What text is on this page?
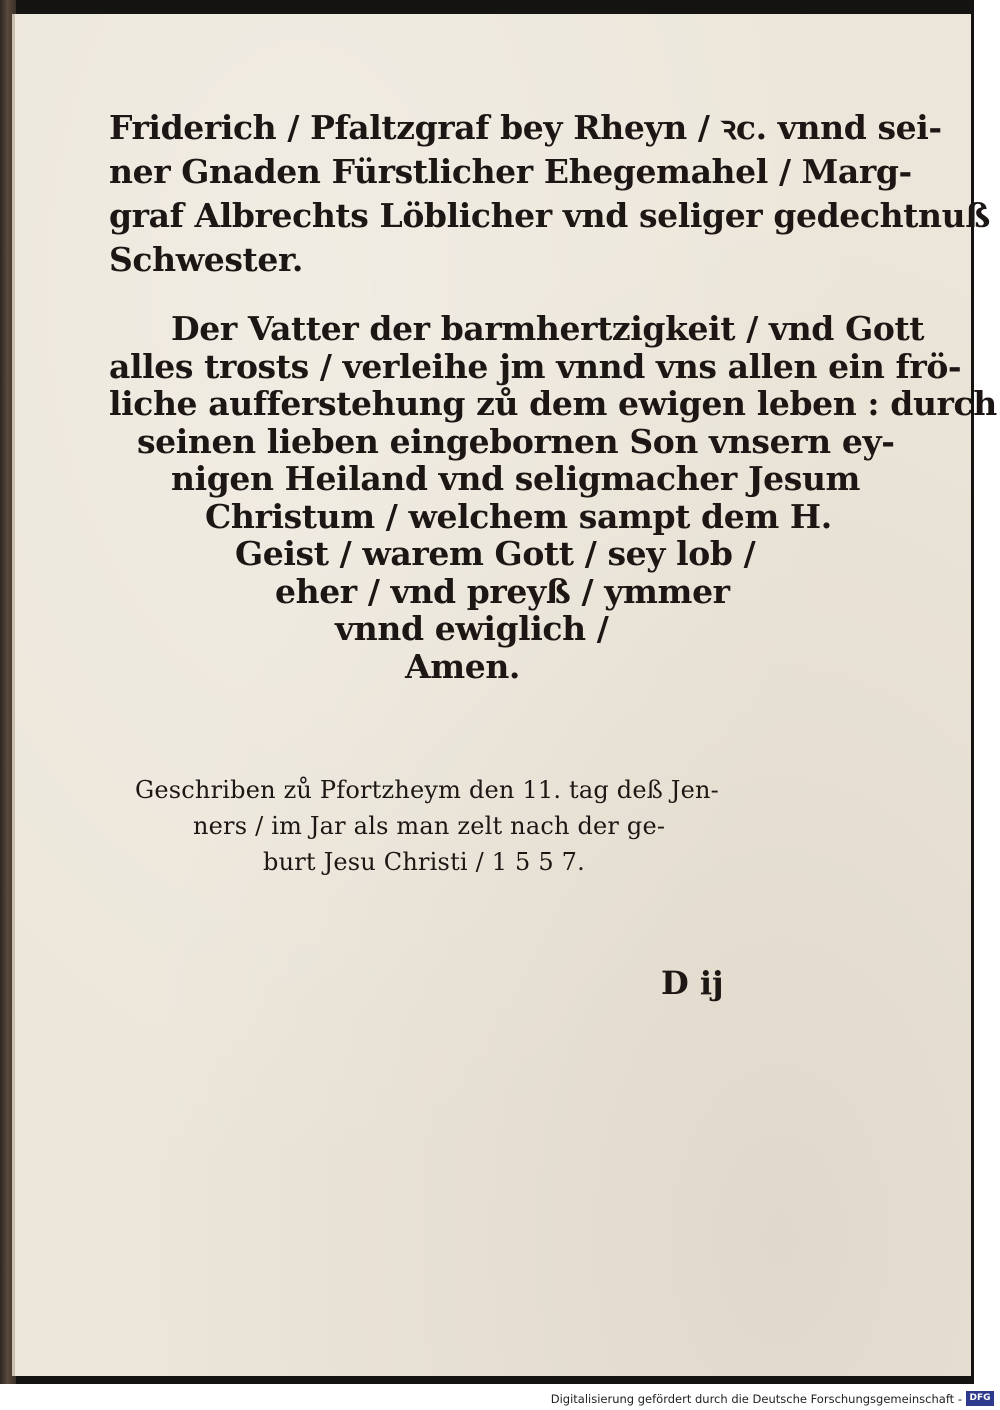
Friderich / Pfaltzgraf bey Rheyn / ꝛc. vnnd sei-
ner Gnaden Fürstlicher Ehegemahel / Marg-
graf Albrechts Löblicher vnd seliger gedechtnuß
Schwester.
Der Vatter der barmhertzigkeit / vnd Gott
alles trosts / verleihe jm vnnd vns allen ein frö-
liche aufferstehung zů dem ewigen leben : durch
seinen lieben eingebornen Son vnsern ey-
nigen Heiland vnd seligmacher Jesum
Christum / welchem sampt dem H.
Geist / warem Gott / sey lob /
eher / vnd preyß / ymmer
vnnd ewiglich /
Amen.
Geschriben zů Pfortzheym den 11. tag deß Jen-
ners / im Jar als man zelt nach der ge-
burt Jesu Christi / 1 5 5 7.
D ij
Digitalisierung gefördert durch die Deutsche Forschungsgemeinschaft - DFG
